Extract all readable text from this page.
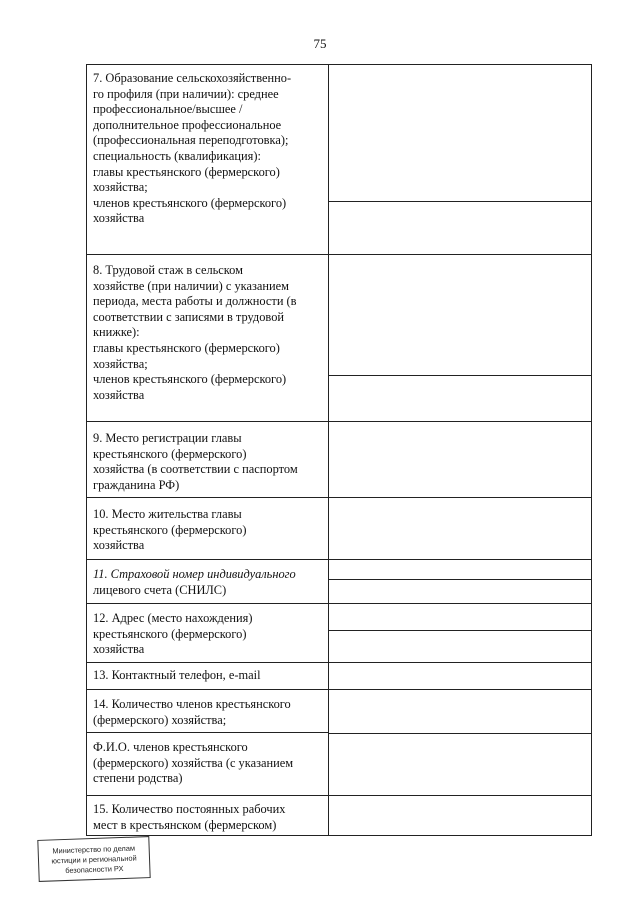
75
7. Образование сельскохозяйственно-
го профиля (при наличии): среднее
профессиональное/высшее /
дополнительное профессиональное
(профессиональная переподготовка);
специальность (квалификация):
главы крестьянского (фермерского)
хозяйства;
членов крестьянского (фермерского)
хозяйства
8. Трудовой стаж в сельском
хозяйстве (при наличии) с указанием
периода, места работы и должности (в
соответствии с записями в трудовой
книжке):
главы крестьянского (фермерского)
хозяйства;
членов крестьянского (фермерского)
хозяйства
9. Место регистрации главы
крестьянского (фермерского)
хозяйства (в соответствии с паспортом
гражданина РФ)
10. Место жительства главы
крестьянского (фермерского)
хозяйства
11. Страховой номер индивидуального
лицевого счета (СНИЛС)
12. Адрес (место нахождения)
крестьянского (фермерского)
хозяйства
13. Контактный телефон, e-mail
14. Количество членов крестьянского
(фермерского) хозяйства;
Ф.И.О. членов крестьянского
(фермерского) хозяйства (с указанием
степени родства)
15. Количество постоянных рабочих
мест в крестьянском (фермерском)
Министерство по делам
юстиции и региональной
безопасности РХ
